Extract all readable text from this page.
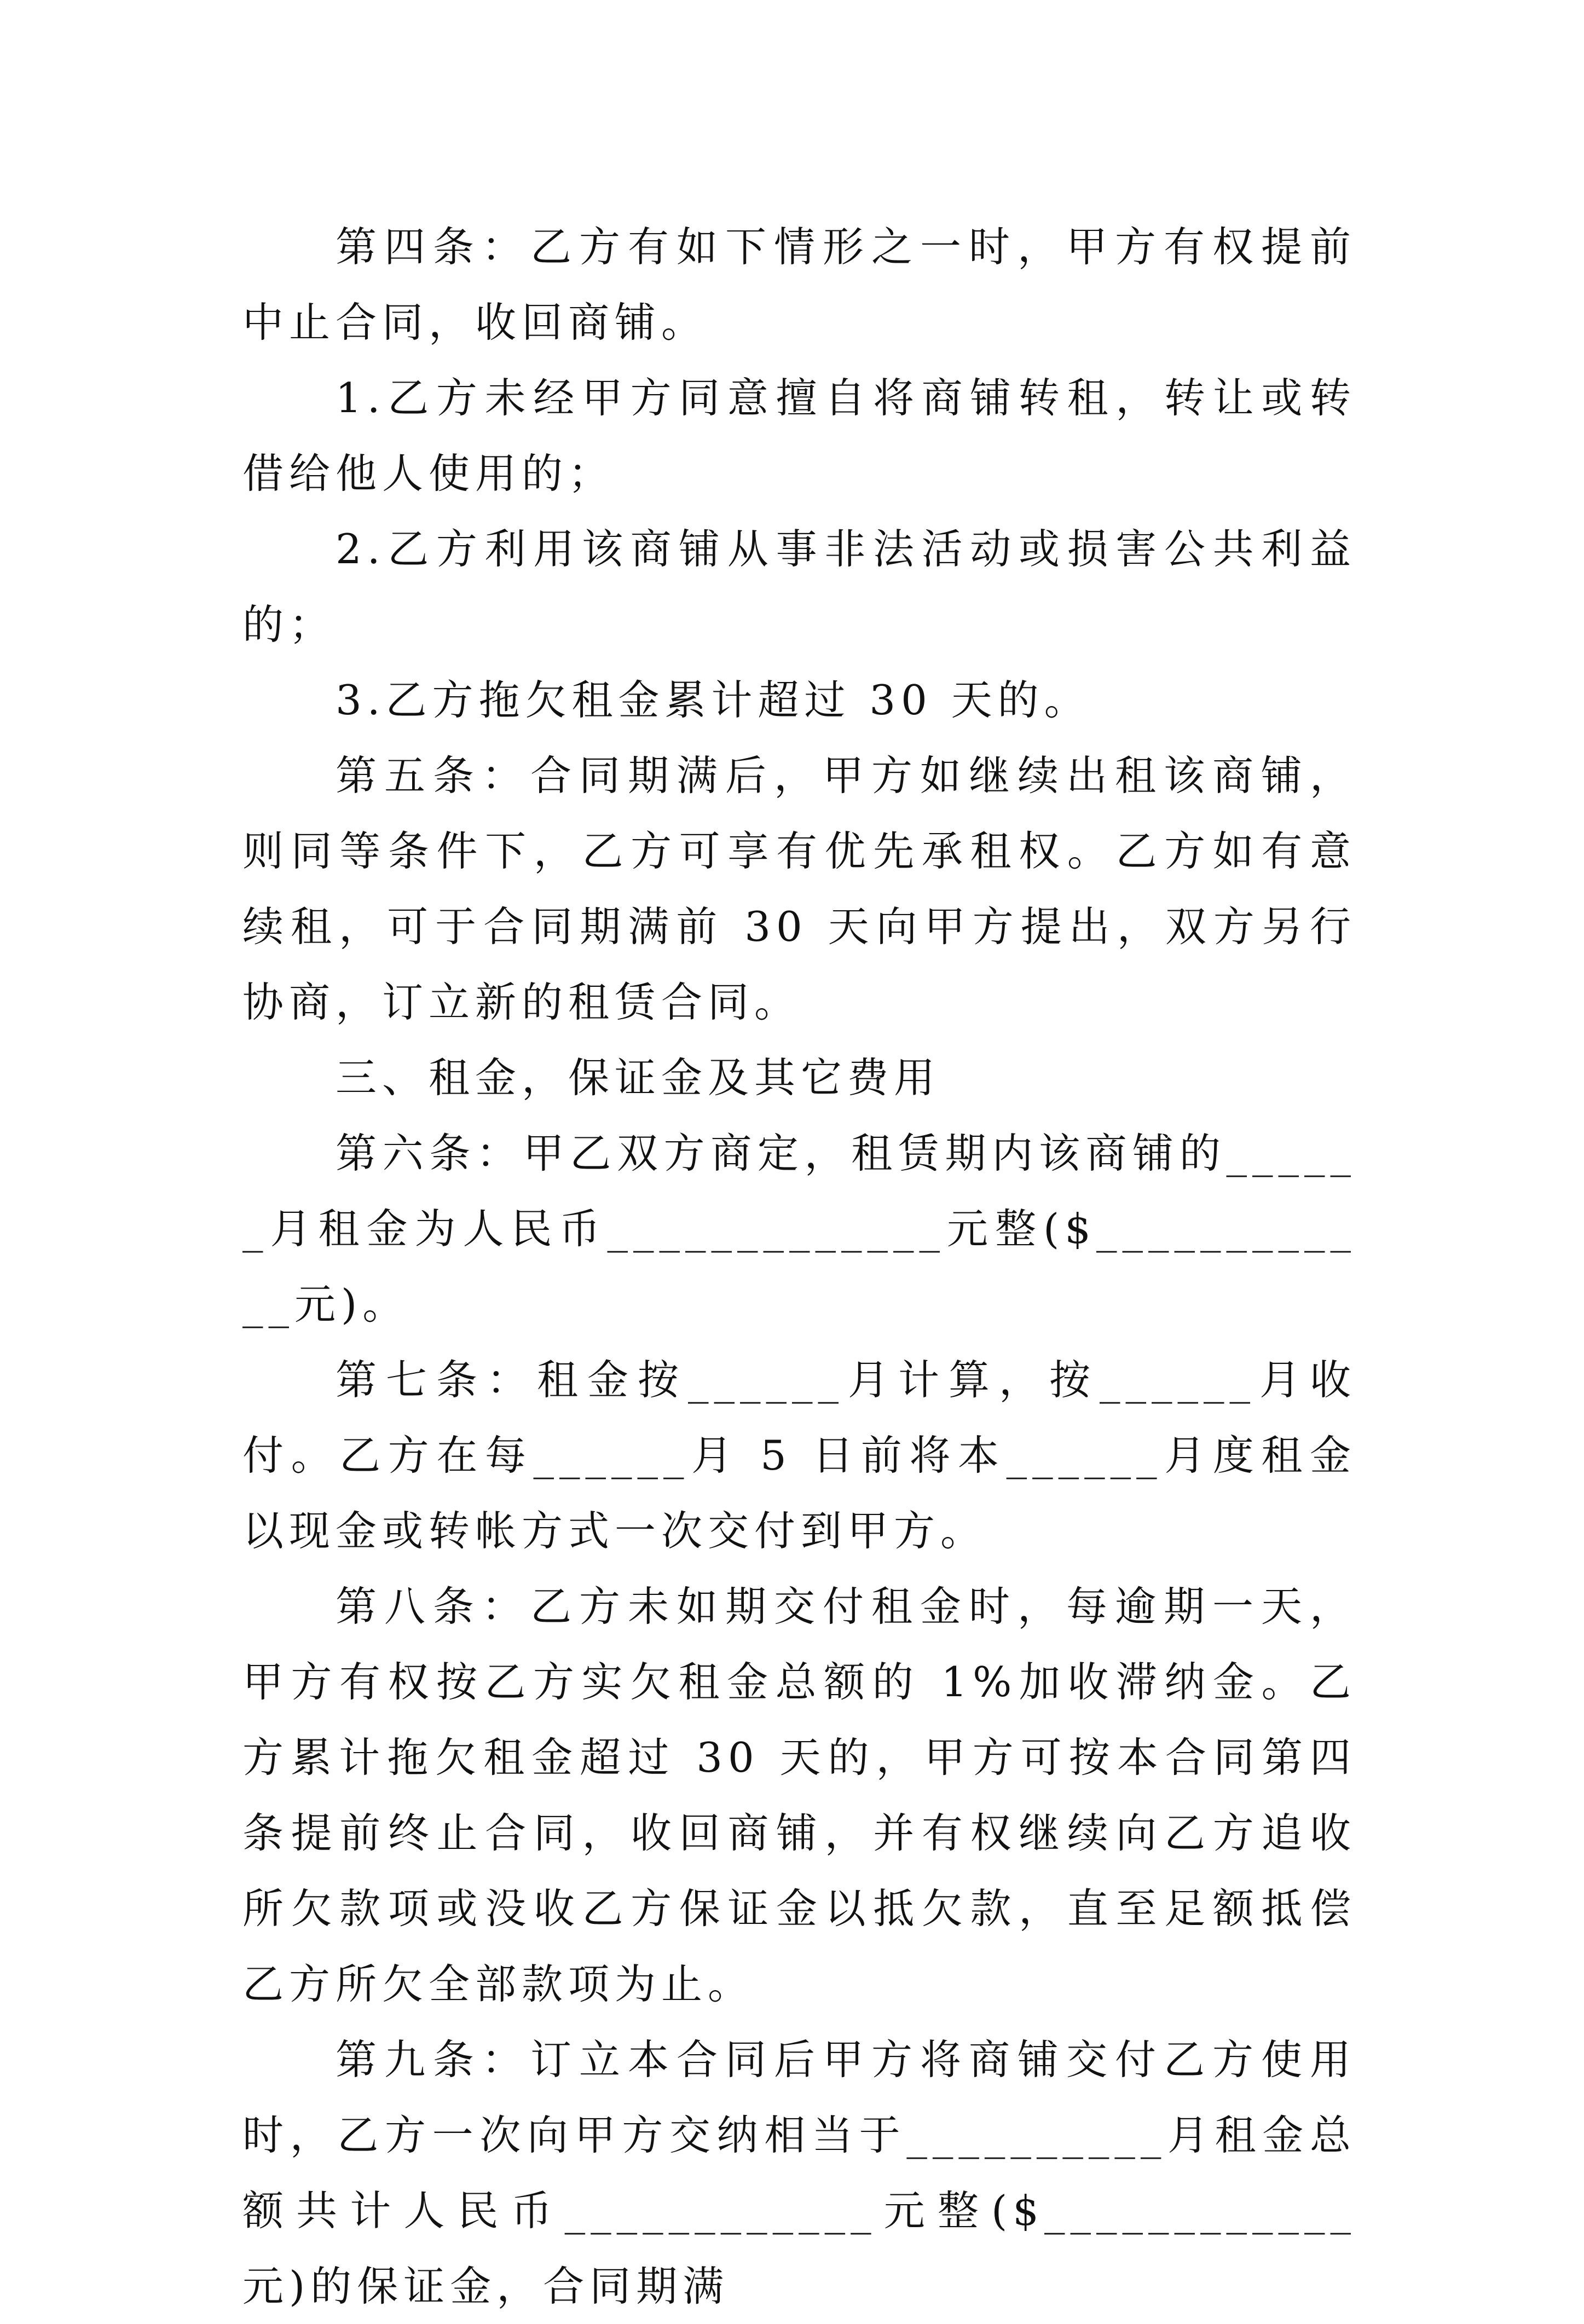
第四条：乙方有如下情形之一时，甲方有权提前中止合同，收回商铺。

1.乙方未经甲方同意擅自将商铺转租，转让或转借给他人使用的；

2.乙方利用该商铺从事非法活动或损害公共利益的；

3.乙方拖欠租金累计超过 30 天的。

第五条：合同期满后，甲方如继续出租该商铺，则同等条件下，乙方可享有优先承租权。乙方如有意续租，可于合同期满前 30 天向甲方提出，双方另行协商，订立新的租赁合同。

三、租金，保证金及其它费用

第六条：甲乙双方商定，租赁期内该商铺的______月租金为人民币_____________元整($____________元)。

第七条：租金按______月计算，按______月收付。乙方在每______月 5 日前将本______月度租金以现金或转帐方式一次交付到甲方。

第八条：乙方未如期交付租金时，每逾期一天，甲方有权按乙方实欠租金总额的 1%加收滞纳金。乙方累计拖欠租金超过 30 天的，甲方可按本合同第四条提前终止合同，收回商铺，并有权继续向乙方追收所欠款项或没收乙方保证金以抵欠款，直至足额抵偿乙方所欠全部款项为止。

第九条：订立本合同后甲方将商铺交付乙方使用时，乙方一次向甲方交纳相当于__________月租金总额共计人民币____________元整($____________元)的保证金，合同期满
